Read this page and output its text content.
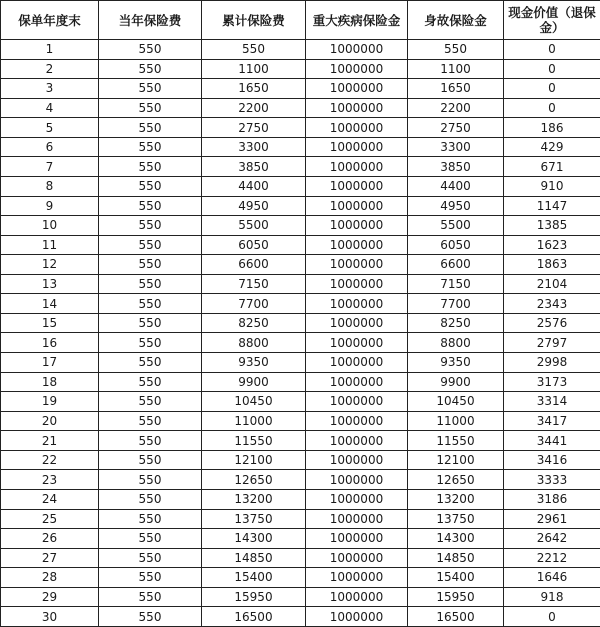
保单年度末	当年保险费	累计保险费	重大疾病保险金	身故保险金	现金价值（退保金）
1	550	550	1000000	550	0
2	550	1100	1000000	1100	0
3	550	1650	1000000	1650	0
4	550	2200	1000000	2200	0
5	550	2750	1000000	2750	186
6	550	3300	1000000	3300	429
7	550	3850	1000000	3850	671
8	550	4400	1000000	4400	910
9	550	4950	1000000	4950	1147
10	550	5500	1000000	5500	1385
11	550	6050	1000000	6050	1623
12	550	6600	1000000	6600	1863
13	550	7150	1000000	7150	2104
14	550	7700	1000000	7700	2343
15	550	8250	1000000	8250	2576
16	550	8800	1000000	8800	2797
17	550	9350	1000000	9350	2998
18	550	9900	1000000	9900	3173
19	550	10450	1000000	10450	3314
20	550	11000	1000000	11000	3417
21	550	11550	1000000	11550	3441
22	550	12100	1000000	12100	3416
23	550	12650	1000000	12650	3333
24	550	13200	1000000	13200	3186
25	550	13750	1000000	13750	2961
26	550	14300	1000000	14300	2642
27	550	14850	1000000	14850	2212
28	550	15400	1000000	15400	1646
29	550	15950	1000000	15950	918
30	550	16500	1000000	16500	0
